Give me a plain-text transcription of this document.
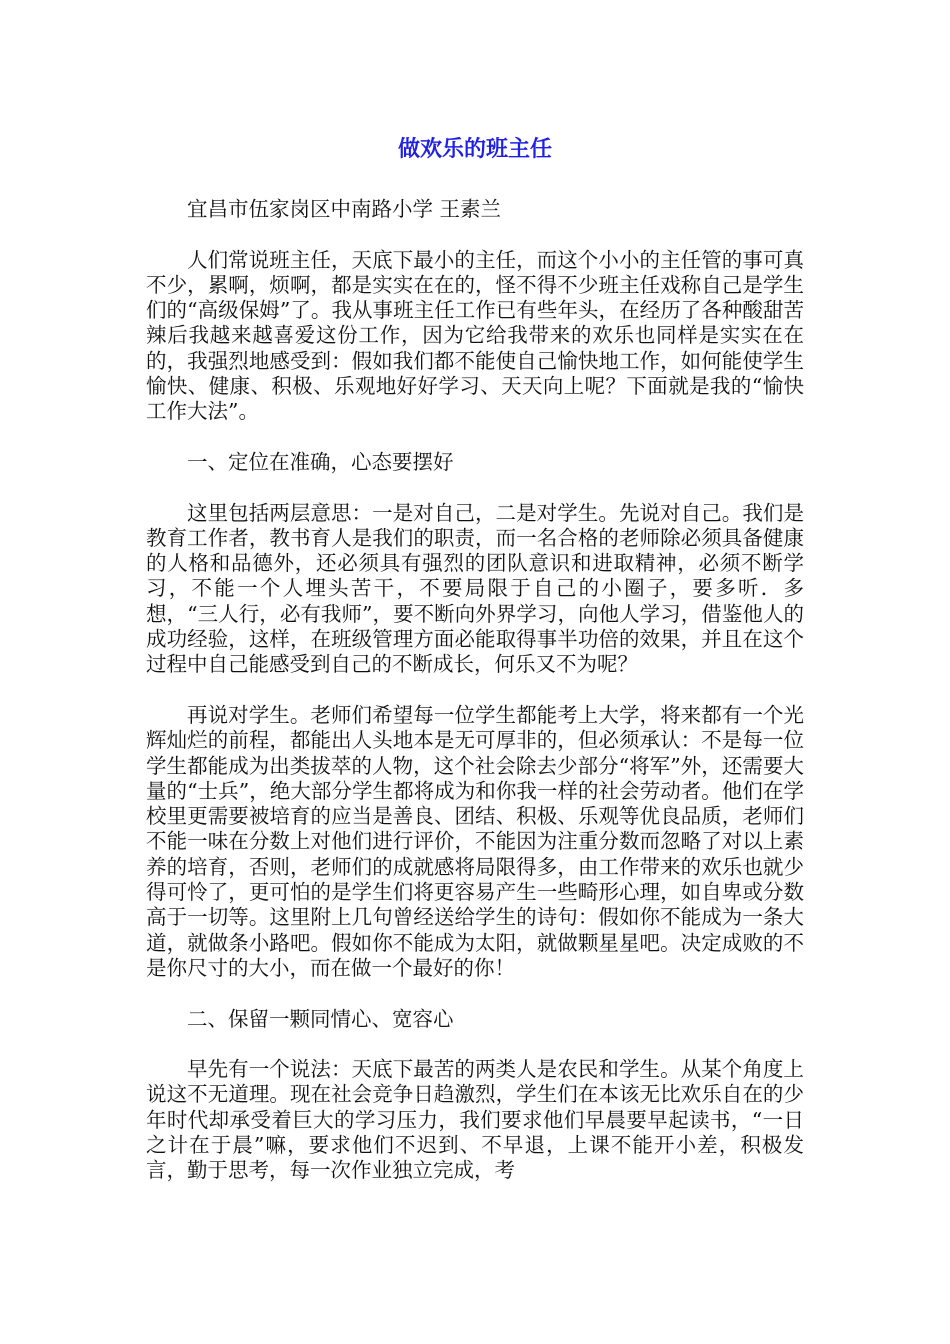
做欢乐的班主任

宜昌市伍家岗区中南路小学 王素兰

人们常说班主任，天底下最小的主任，而这个小小的主任管的事可真不少，累啊，烦啊，都是实实在在的，怪不得不少班主任戏称自己是学生们的“高级保姆”了。我从事班主任工作已有些年头，在经历了各种酸甜苦辣后我越来越喜爱这份工作，因为它给我带来的欢乐也同样是实实在在的，我强烈地感受到：假如我们都不能使自己愉快地工作，如何能使学生愉快、健康、积极、乐观地好好学习、天天向上呢？下面就是我的“愉快工作大法”。

一、定位在准确，心态要摆好

这里包括两层意思：一是对自己，二是对学生。先说对自己。我们是教育工作者，教书育人是我们的职责，而一名合格的老师除必须具备健康的人格和品德外，还必须具有强烈的团队意识和进取精神，必须不断学习，不能一个人埋头苦干，不要局限于自己的小圈子，要多听．多想，“三人行，必有我师”，要不断向外界学习，向他人学习，借鉴他人的成功经验，这样，在班级管理方面必能取得事半功倍的效果，并且在这个过程中自己能感受到自己的不断成长，何乐又不为呢？

再说对学生。老师们希望每一位学生都能考上大学，将来都有一个光辉灿烂的前程，都能出人头地本是无可厚非的，但必须承认：不是每一位学生都能成为出类拔萃的人物，这个社会除去少部分“将军”外，还需要大量的“士兵”，绝大部分学生都将成为和你我一样的社会劳动者。他们在学校里更需要被培育的应当是善良、团结、积极、乐观等优良品质，老师们不能一味在分数上对他们进行评价，不能因为注重分数而忽略了对以上素养的培育，否则，老师们的成就感将局限得多，由工作带来的欢乐也就少得可怜了，更可怕的是学生们将更容易产生一些畸形心理，如自卑或分数高于一切等。这里附上几句曾经送给学生的诗句：假如你不能成为一条大道，就做条小路吧。假如你不能成为太阳，就做颗星星吧。决定成败的不是你尺寸的大小，而在做一个最好的你！

二、保留一颗同情心、宽容心

早先有一个说法：天底下最苦的两类人是农民和学生。从某个角度上说这不无道理。现在社会竞争日趋激烈，学生们在本该无比欢乐自在的少年时代却承受着巨大的学习压力，我们要求他们早晨要早起读书，“一日之计在于晨”嘛，要求他们不迟到、不早退，上课不能开小差，积极发言，勤于思考，每一次作业独立完成，考
